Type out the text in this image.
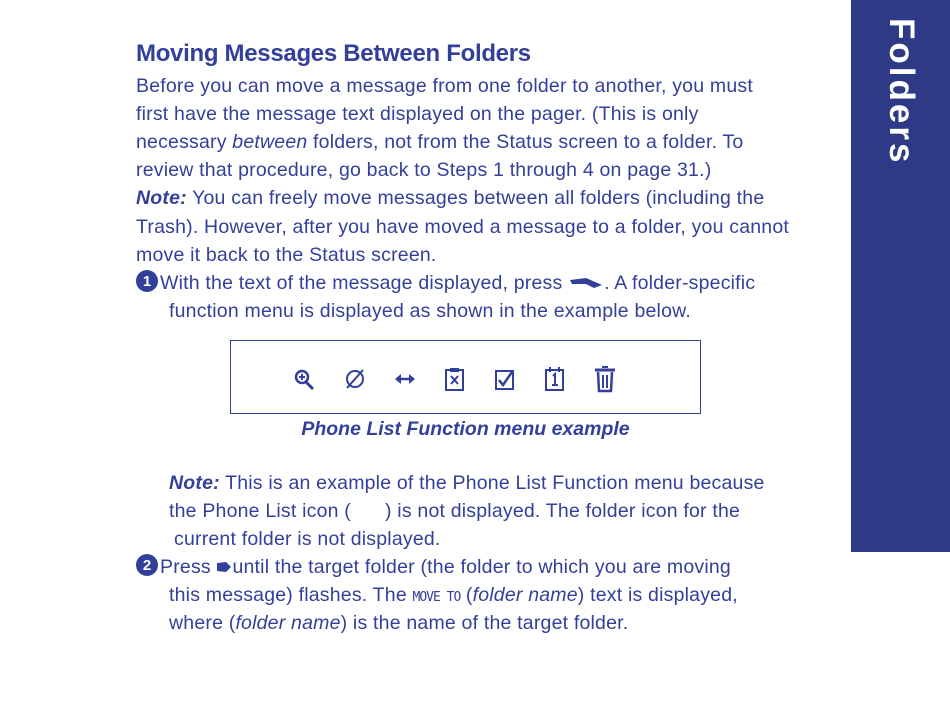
Folders
Moving Messages Between Folders
Before you can move a message from one folder to another, you must
first have the message text displayed on the pager. (This is only
necessary between folders, not from the Status screen to a folder. To
review that procedure, go back to Steps 1 through 4 on page 31.)
Note: You can freely move messages between all folders (including the
Trash). However, after you have moved a message to a folder, you cannot
move it back to the Status screen.
1 With the text of the message displayed, press . A folder-specific
function menu is displayed as shown in the example below.
Phone List Function menu example
Note: This is an example of the Phone List Function menu because
the Phone List icon ( ) is not displayed. The folder icon for the
current folder is not displayed.
2 Press until the target folder (the folder to which you are moving
this message) flashes. The MOVE TO (folder name) text is displayed,
where (folder name) is the name of the target folder.
